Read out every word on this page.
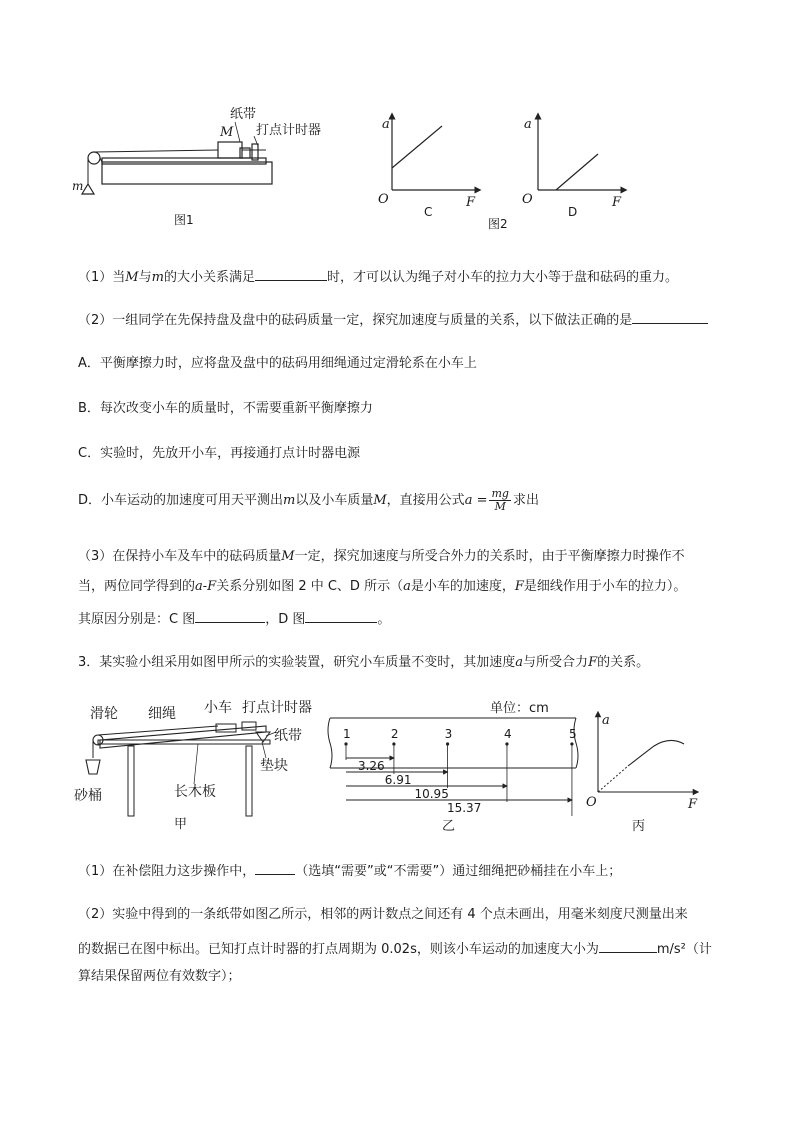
纸带
M 打点计时器
m
图1
a
O	F
C
a
O	F
D
图2
（1）当M与m的大小关系满足	时，才可以认为绳子对小车的拉力大小等于盘和砝码的重力。
（2）一组同学在先保持盘及盘中的砝码质量一定，探究加速度与质量的关系，以下做法正确的是
A．平衡摩擦力时，应将盘及盘中的砝码用细绳通过定滑轮系在小车上
B．每次改变小车的质量时，不需要重新平衡摩擦力
C．实验时，先放开小车，再接通打点计时器电源
D．小车运动的加速度可用天平测出m以及小车质量M，直接用公式$a = \frac{mg}{M}$ 求出
（3）在保持小车及车中的砝码质量M一定，探究加速度与所受合外力的关系时，由于平衡摩擦力时操作不
当，两位同学得到的a-F关系分别如图 2 中 C、D 所示（a是小车的加速度，F是细线作用于小车的拉力）。
其原因分别是：C 图	，D 图	。
3．某实验小组采用如图甲所示的实验装置，研究小车质量不变时，其加速度a与所受合力F的关系。
滑轮 细绳 小车 打点计时器
纸带
垫块
长木板
砂桶
甲
单位：cm
1	2	3	4	5
3.26
6.91
10.95
15.37
乙
a
O	F
丙
（1）在补偿阻力这步操作中，	（选填“需要”或“不需要”）通过细绳把砂桶挂在小车上；
（2）实验中得到的一条纸带如图乙所示，相邻的两计数点之间还有 4 个点未画出，用毫米刻度尺测量出来
的数据已在图中标出。已知打点计时器的打点周期为 0.02s，则该小车运动的加速度大小为	m/s²（计
算结果保留两位有效数字）；
